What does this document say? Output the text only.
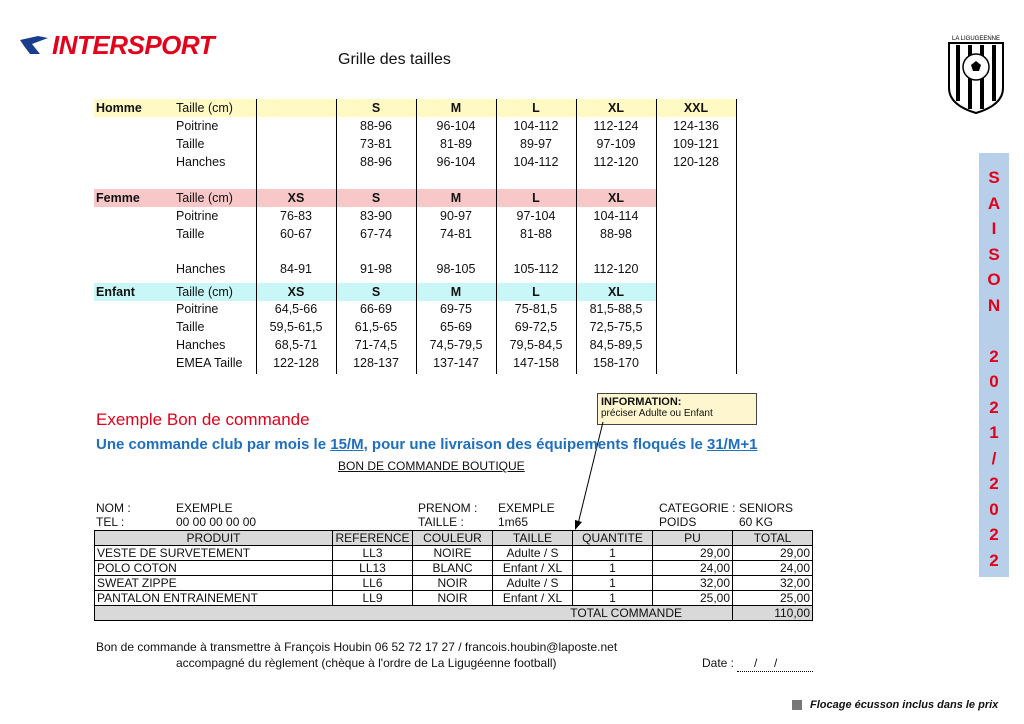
INTERSPORT	Grille des tailles
LA LIGUGEENNE
Homme	Taille (cm)	S	M	L	XL	XXL
Poitrine	88-96	96-104	104-112	112-124	124-136
Taille	73-81	81-89	89-97	97-109	109-121
Hanches	88-96	96-104	104-112	112-120	120-128
Femme	Taille (cm)	XS	S	M	L	XL
Poitrine	76-83	83-90	90-97	97-104	104-114
Taille	60-67	67-74	74-81	81-88	88-98
Hanches	84-91	91-98	98-105	105-112	112-120
Enfant	Taille (cm)	XS	S	M	L	XL
Poitrine	64,5-66	66-69	69-75	75-81,5	81,5-88,5
Taille	59,5-61,5	61,5-65	65-69	69-72,5	72,5-75,5
Hanches	68,5-71	71-74,5	74,5-79,5	79,5-84,5	84,5-89,5
EMEA Taille	122-128	128-137	137-147	147-158	158-170
S
A
I
S
O
N

2
0
2
1
/
2
0
2
2
INFORMATION:
préciser Adulte ou Enfant
Exemple Bon de commande
Une commande club par mois le 15/M, pour une livraison des équipements floqués le 31/M+1
BON DE COMMANDE BOUTIQUE
NOM :	EXEMPLE
TEL :	00 00 00 00 00
PRENOM : EXEMPLE
TAILLE :	1m65
CATEGORIE : SENIORS
POIDS	60 KG
PRODUIT	REFERENCE	COULEUR	TAILLE	QUANTITE	PU	TOTAL
VESTE DE SURVETEMENT	LL3	NOIRE	Adulte / S	1	29,00	29,00
POLO COTON	LL13	BLANC	Enfant / XL	1	24,00	24,00
SWEAT ZIPPE	LL6	NOIR	Adulte / S	1	32,00	32,00
PANTALON ENTRAINEMENT	LL9	NOIR	Enfant / XL	1	25,00	25,00
TOTAL COMMANDE						110,00
Bon de commande à transmettre à François Houbin 06 52 72 17 27 / francois.houbin@laposte.net
accompagné du règlement (chèque à l'ordre de La Ligugéenne football)	Date : /     /
Flocage écusson inclus dans le prix
